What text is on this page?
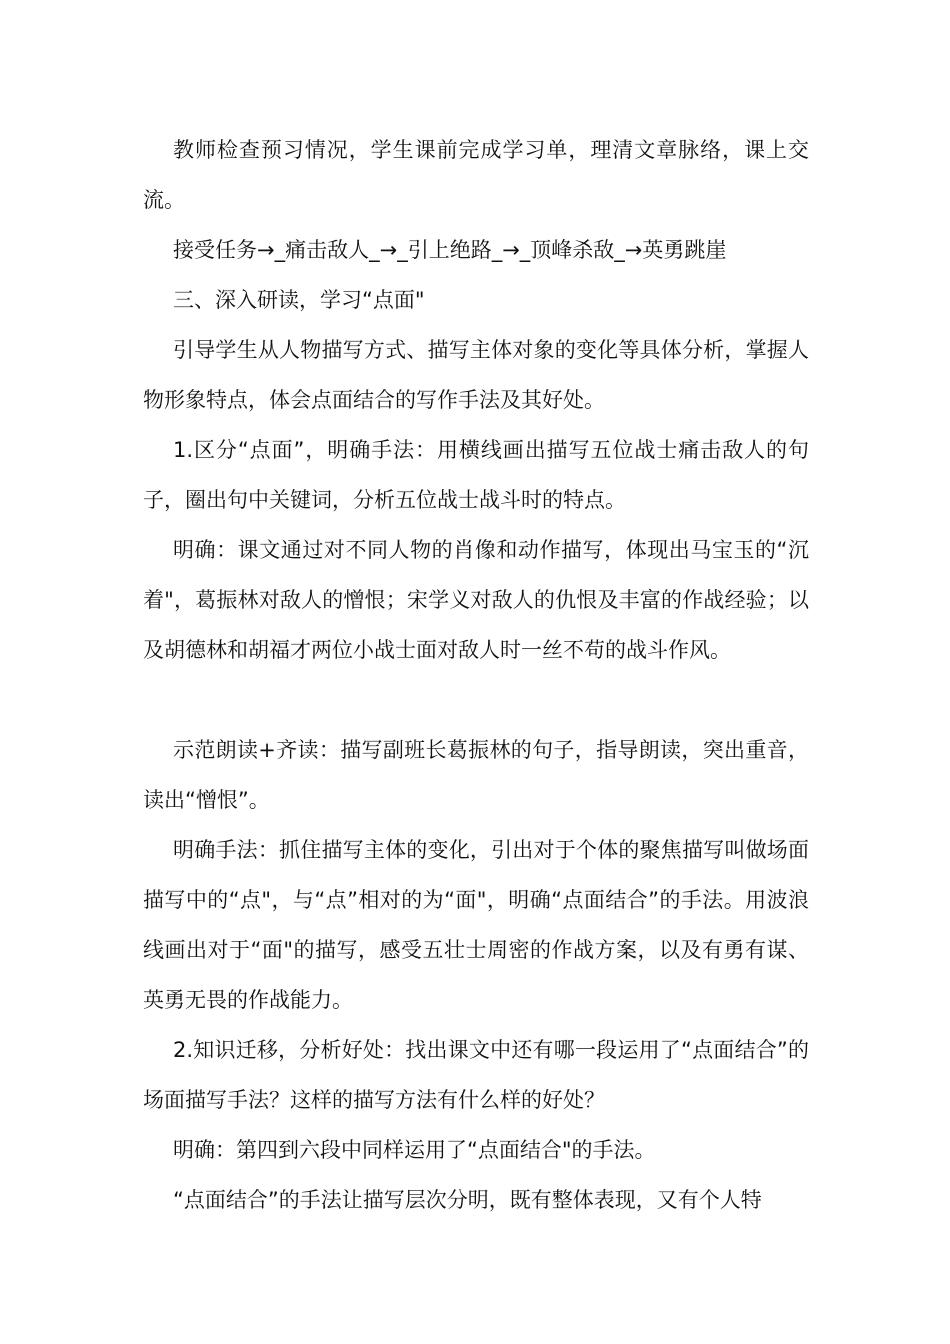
教师检查预习情况，学生课前完成学习单，理清文章脉络，课上交流。

接受任务→_痛击敌人_→_引上绝路_→_顶峰杀敌_→英勇跳崖

三、深入研读，学习“点面"

引导学生从人物描写方式、描写主体对象的变化等具体分析，掌握人物形象特点，体会点面结合的写作手法及其好处。

1.区分“点面”，明确手法：用横线画出描写五位战士痛击敌人的句子，圈出句中关键词，分析五位战士战斗时的特点。

明确：课文通过对不同人物的肖像和动作描写，体现出马宝玉的“沉着"，葛振林对敌人的憎恨；宋学义对敌人的仇恨及丰富的作战经验；以及胡德林和胡福才两位小战士面对敌人时一丝不苟的战斗作风。

示范朗读+齐读：描写副班长葛振林的句子，指导朗读，突出重音，读出“憎恨”。

明确手法：抓住描写主体的变化，引出对于个体的聚焦描写叫做场面描写中的“点"，与“点”相对的为“面"，明确“点面结合”的手法。用波浪线画出对于“面"的描写，感受五壮士周密的作战方案，以及有勇有谋、英勇无畏的作战能力。

2.知识迁移，分析好处：找出课文中还有哪一段运用了“点面结合”的场面描写手法？这样的描写方法有什么样的好处？

明确：第四到六段中同样运用了“点面结合"的手法。

“点面结合”的手法让描写层次分明，既有整体表现，又有个人特
